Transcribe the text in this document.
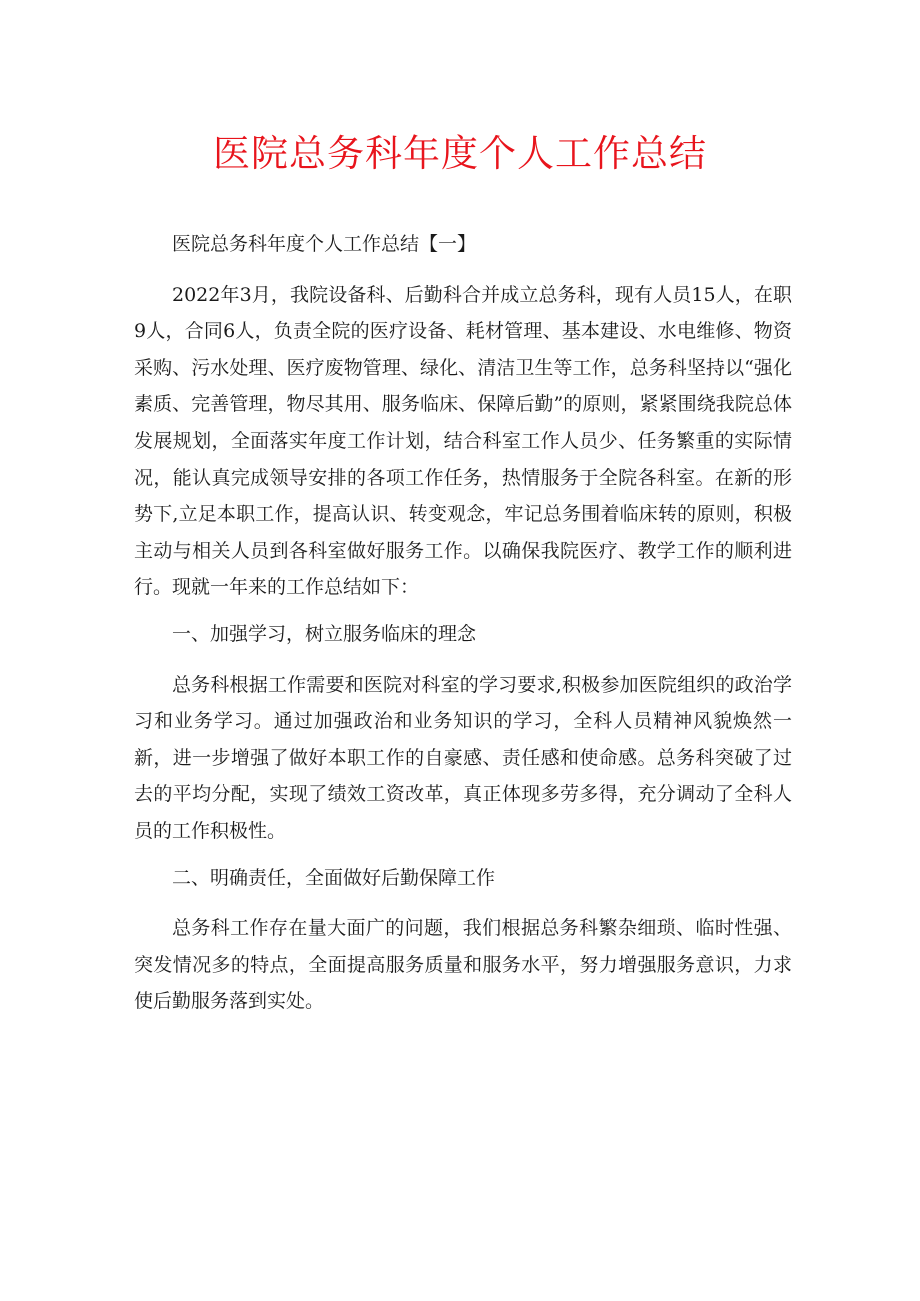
医院总务科年度个人工作总结

医院总务科年度个人工作总结【一】

2022年3月，我院设备科、后勤科合并成立总务科，现有人员15人，在职9人，合同6人，负责全院的医疗设备、耗材管理、基本建设、水电维修、物资采购、污水处理、医疗废物管理、绿化、清洁卫生等工作，总务科坚持以“强化素质、完善管理，物尽其用、服务临床、保障后勤”的原则，紧紧围绕我院总体发展规划，全面落实年度工作计划，结合科室工作人员少、任务繁重的实际情况，能认真完成领导安排的各项工作任务，热情服务于全院各科室。在新的形势下,立足本职工作，提高认识、转变观念，牢记总务围着临床转的原则，积极主动与相关人员到各科室做好服务工作。以确保我院医疗、教学工作的顺利进行。现就一年来的工作总结如下：

一、加强学习，树立服务临床的理念

总务科根据工作需要和医院对科室的学习要求,积极参加医院组织的政治学习和业务学习。通过加强政治和业务知识的学习，全科人员精神风貌焕然一新，进一步增强了做好本职工作的自豪感、责任感和使命感。总务科突破了过去的平均分配，实现了绩效工资改革，真正体现多劳多得，充分调动了全科人员的工作积极性。

二、明确责任，全面做好后勤保障工作

总务科工作存在量大面广的问题，我们根据总务科繁杂细琐、临时性强、突发情况多的特点，全面提高服务质量和服务水平，努力增强服务意识，力求使后勤服务落到实处。
